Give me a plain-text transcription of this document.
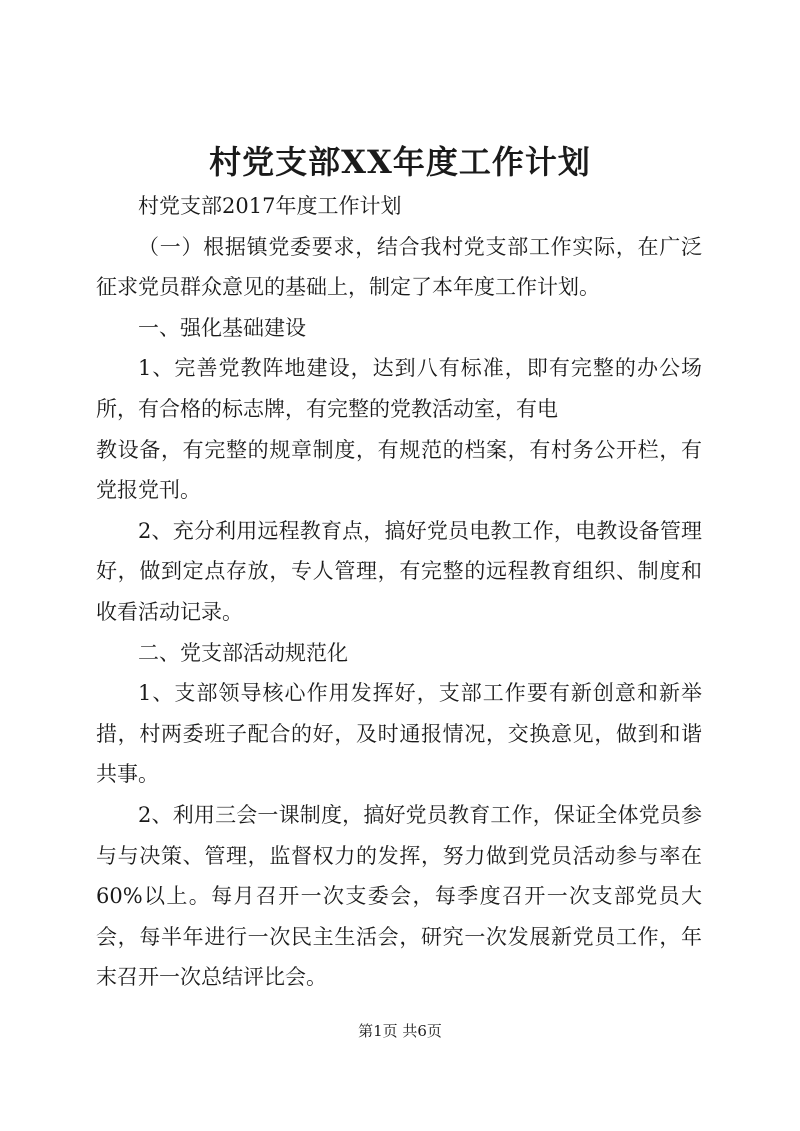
村党支部XX年度工作计划

村党支部2017年度工作计划

（一）根据镇党委要求，结合我村党支部工作实际，在广泛征求党员群众意见的基础上，制定了本年度工作计划。

一、强化基础建设

1、完善党教阵地建设，达到八有标准，即有完整的办公场所，有合格的标志牌，有完整的党教活动室，有电

教设备，有完整的规章制度，有规范的档案，有村务公开栏，有党报党刊。

2、充分利用远程教育点，搞好党员电教工作，电教设备管理好，做到定点存放，专人管理，有完整的远程教育组织、制度和收看活动记录。

二、党支部活动规范化

1、支部领导核心作用发挥好，支部工作要有新创意和新举措，村两委班子配合的好，及时通报情况，交换意见，做到和谐共事。

2、利用三会一课制度，搞好党员教育工作，保证全体党员参与与决策、管理，监督权力的发挥，努力做到党员活动参与率在60%以上。每月召开一次支委会，每季度召开一次支部党员大会，每半年进行一次民主生活会，研究一次发展新党员工作，年末召开一次总结评比会。

第1页 共6页
